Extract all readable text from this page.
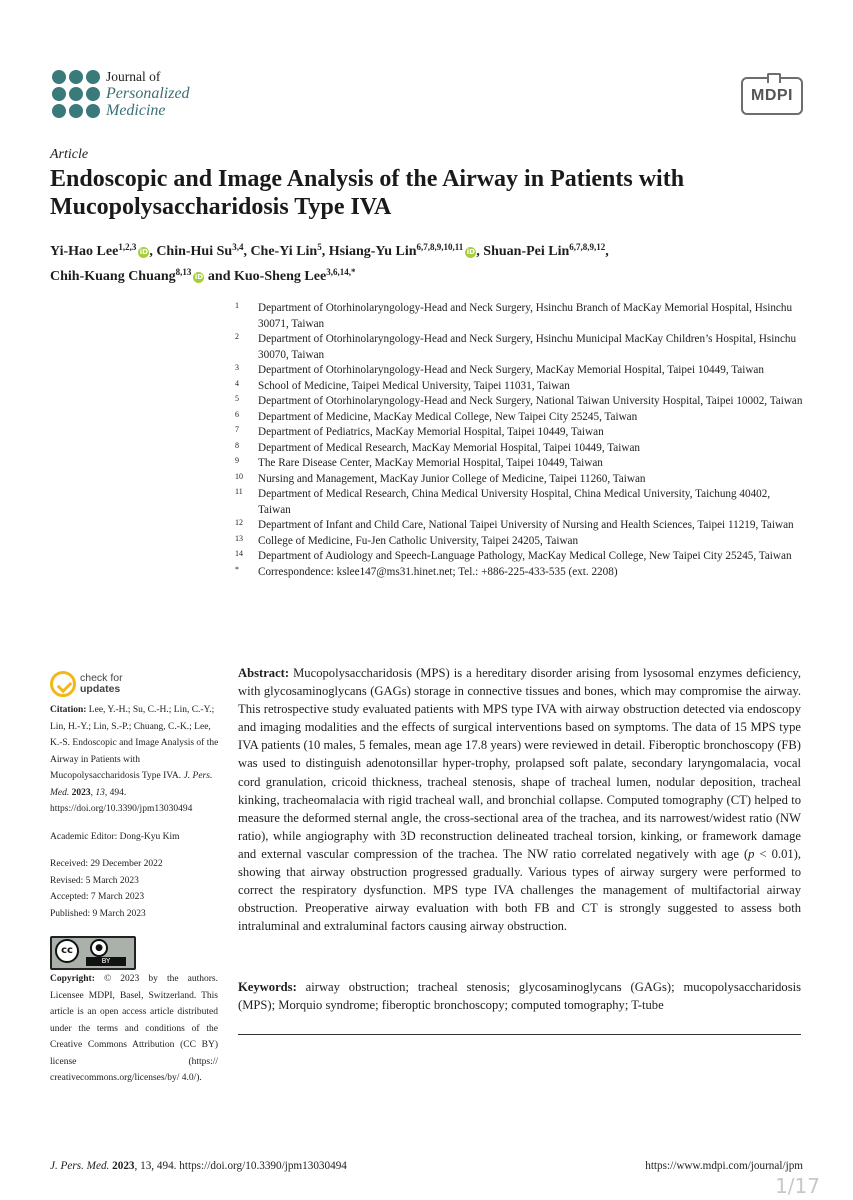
Journal of
Personalized
Medicine
MDPI
Article
Endoscopic and Image Analysis of the Airway in Patients with Mucopolysaccharidosis Type IVA
Yi-Hao Lee$^{1,2,3}$ iD, Chin-Hui Su$^{3,4}$, Che-Yi Lin$^5$, Hsiang-Yu Lin$^{6,7,8,9,10,11}$ iD, Shuan-Pei Lin$^{6,7,8,9,12}$,
Chih-Kuang Chuang$^{8,13}$ iD and Kuo-Sheng Lee$^{3,6,14,*}$
1 Department of Otorhinolaryngology-Head and Neck Surgery, Hsinchu Branch of MacKay Memorial Hospital, Hsinchu 30071, Taiwan
2 Department of Otorhinolaryngology-Head and Neck Surgery, Hsinchu Municipal MacKay Children’s Hospital, Hsinchu 30070, Taiwan
3 Department of Otorhinolaryngology-Head and Neck Surgery, MacKay Memorial Hospital, Taipei 10449, Taiwan
4 School of Medicine, Taipei Medical University, Taipei 11031, Taiwan
5 Department of Otorhinolaryngology-Head and Neck Surgery, National Taiwan University Hospital, Taipei 10002, Taiwan
6 Department of Medicine, MacKay Medical College, New Taipei City 25245, Taiwan
7 Department of Pediatrics, MacKay Memorial Hospital, Taipei 10449, Taiwan
8 Department of Medical Research, MacKay Memorial Hospital, Taipei 10449, Taiwan
9 The Rare Disease Center, MacKay Memorial Hospital, Taipei 10449, Taiwan
10 Nursing and Management, MacKay Junior College of Medicine, Taipei 11260, Taiwan
11 Department of Medical Research, China Medical University Hospital, China Medical University, Taichung 40402, Taiwan
12 Department of Infant and Child Care, National Taipei University of Nursing and Health Sciences, Taipei 11219, Taiwan
13 College of Medicine, Fu-Jen Catholic University, Taipei 24205, Taiwan
14 Department of Audiology and Speech-Language Pathology, MacKay Medical College, New Taipei City 25245, Taiwan
* Correspondence: kslee147@ms31.hinet.net; Tel.: +886-225-433-535 (ext. 2208)
check for
updates
Citation: Lee, Y.-H.; Su, C.-H.; Lin, C.-Y.; Lin, H.-Y.; Lin, S.-P.; Chuang, C.-K.; Lee, K.-S. Endoscopic and Image Analysis of the Airway in Patients with Mucopolysaccharidosis Type IVA. J. Pers. Med. 2023, 13, 494. https://doi.org/10.3390/jpm13030494
Academic Editor: Dong-Kyu Kim
Received: 29 December 2022
Revised: 5 March 2023
Accepted: 7 March 2023
Published: 9 March 2023
cc	●
BY
Copyright: © 2023 by the authors. Licensee MDPI, Basel, Switzerland. This article is an open access article distributed under the terms and conditions of the Creative Commons Attribution (CC BY) license (https:// creativecommons.org/licenses/by/ 4.0/).
Abstract: Mucopolysaccharidosis (MPS) is a hereditary disorder arising from lysosomal enzymes deficiency, with glycosaminoglycans (GAGs) storage in connective tissues and bones, which may compromise the airway. This retrospective study evaluated patients with MPS type IVA with airway obstruction detected via endoscopy and imaging modalities and the effects of surgical interventions based on symptoms. The data of 15 MPS type IVA patients (10 males, 5 females, mean age 17.8 years) were reviewed in detail. Fiberoptic bronchoscopy (FB) was used to distinguish adenotonsillar hyper-trophy, prolapsed soft palate, secondary laryngomalacia, vocal cord granulation, cricoid thickness, tracheal stenosis, shape of tracheal lumen, nodular deposition, tracheal kinking, tracheomalacia with rigid tracheal wall, and bronchial collapse. Computed tomography (CT) helped to measure the deformed sternal angle, the cross-sectional area of the trachea, and its narrowest/widest ratio (NW ratio), while angiography with 3D reconstruction delineated tracheal torsion, kinking, or framework damage and external vascular compression of the trachea. The NW ratio correlated negatively with age (p < 0.01), showing that airway obstruction progressed gradually. Various types of airway surgery were performed to correct the respiratory dysfunction. MPS type IVA challenges the management of multifactorial airway obstruction. Preoperative airway evaluation with both FB and CT is strongly suggested to assess both intraluminal and extraluminal factors causing airway obstruction.
Keywords: airway obstruction; tracheal stenosis; glycosaminoglycans (GAGs); mucopolysaccharidosis (MPS); Morquio syndrome; fiberoptic bronchoscopy; computed tomography; T-tube
J. Pers. Med. 2023, 13, 494. https://doi.org/10.3390/jpm13030494	https://www.mdpi.com/journal/jpm
1/17
